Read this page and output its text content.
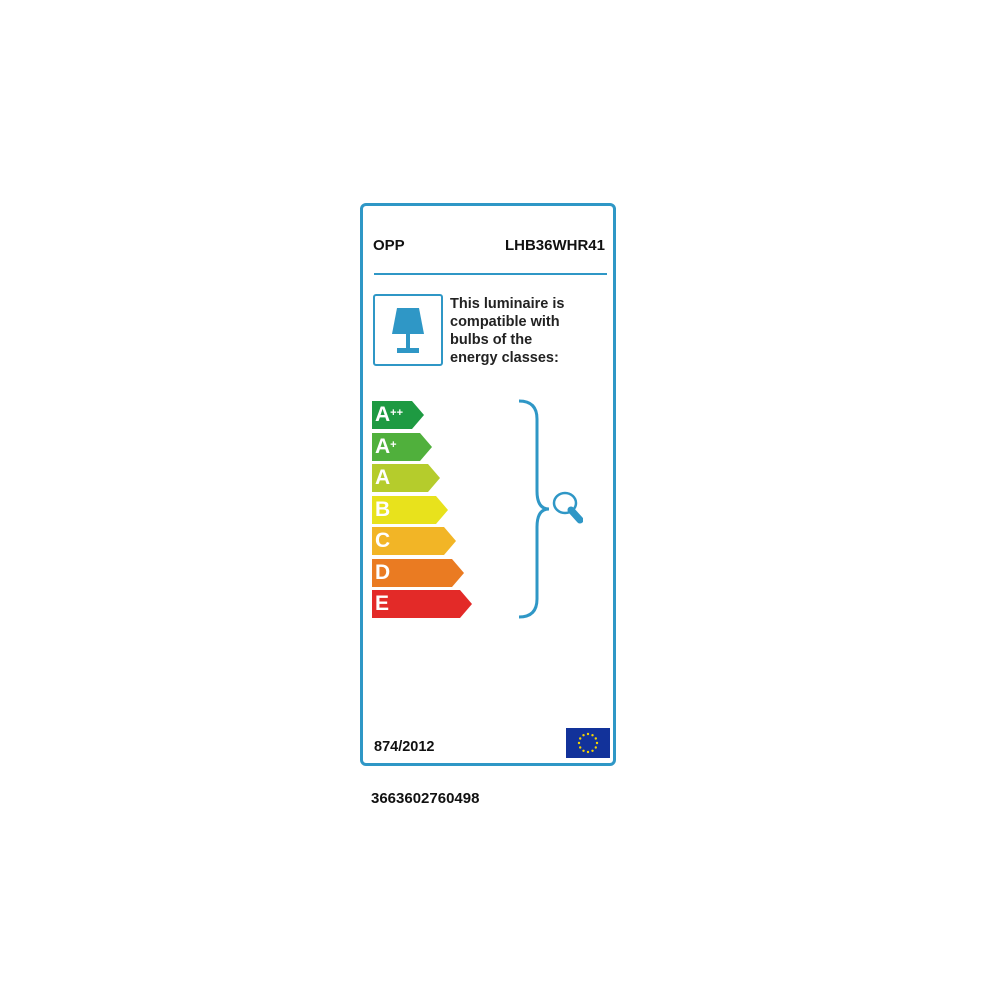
OPP	LHB36WHR41
This luminaire is
compatible with
bulbs of the
energy classes:
A++
A+
A
B
C
D
E
874/2012
3663602760498
